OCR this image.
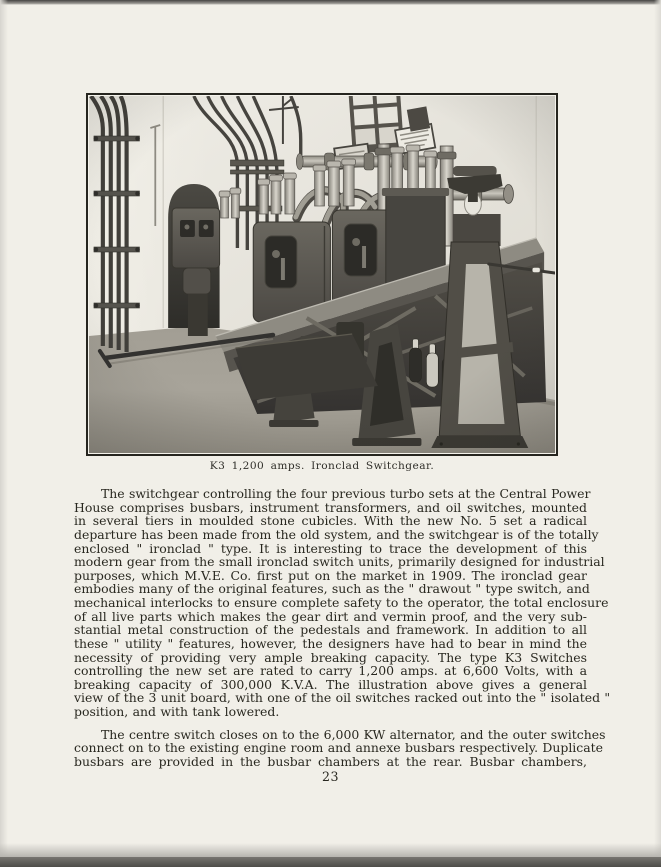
K3 1,200 amps. Ironclad Switchgear.
The switchgear controlling the four previous turbo sets at the Central Power
House comprises busbars, instrument transformers, and oil switches, mounted
in several tiers in moulded stone cubicles. With the new No. 5 set a radical
departure has been made from the old system, and the switchgear is of the totally
enclosed " ironclad " type. It is interesting to trace the development of this
modern gear from the small ironclad switch units, primarily designed for industrial
purposes, which M.V.E. Co. first put on the market in 1909. The ironclad gear
embodies many of the original features, such as the " drawout " type switch, and
mechanical interlocks to ensure complete safety to the operator, the total enclosure
of all live parts which makes the gear dirt and vermin proof, and the very sub-
stantial metal construction of the pedestals and framework. In addition to all
these " utility " features, however, the designers have had to bear in mind the
necessity of providing very ample breaking capacity. The type K3 Switches
controlling the new set are rated to carry 1,200 amps. at 6,600 Volts, with a
breaking capacity of 300,000 K.V.A. The illustration above gives a general
view of the 3 unit board, with one of the oil switches racked out into the " isolated "
position, and with tank lowered.
The centre switch closes on to the 6,000 KW alternator, and the outer switches
connect on to the existing engine room and annexe busbars respectively. Duplicate
busbars are provided in the busbar chambers at the rear. Busbar chambers,
23
